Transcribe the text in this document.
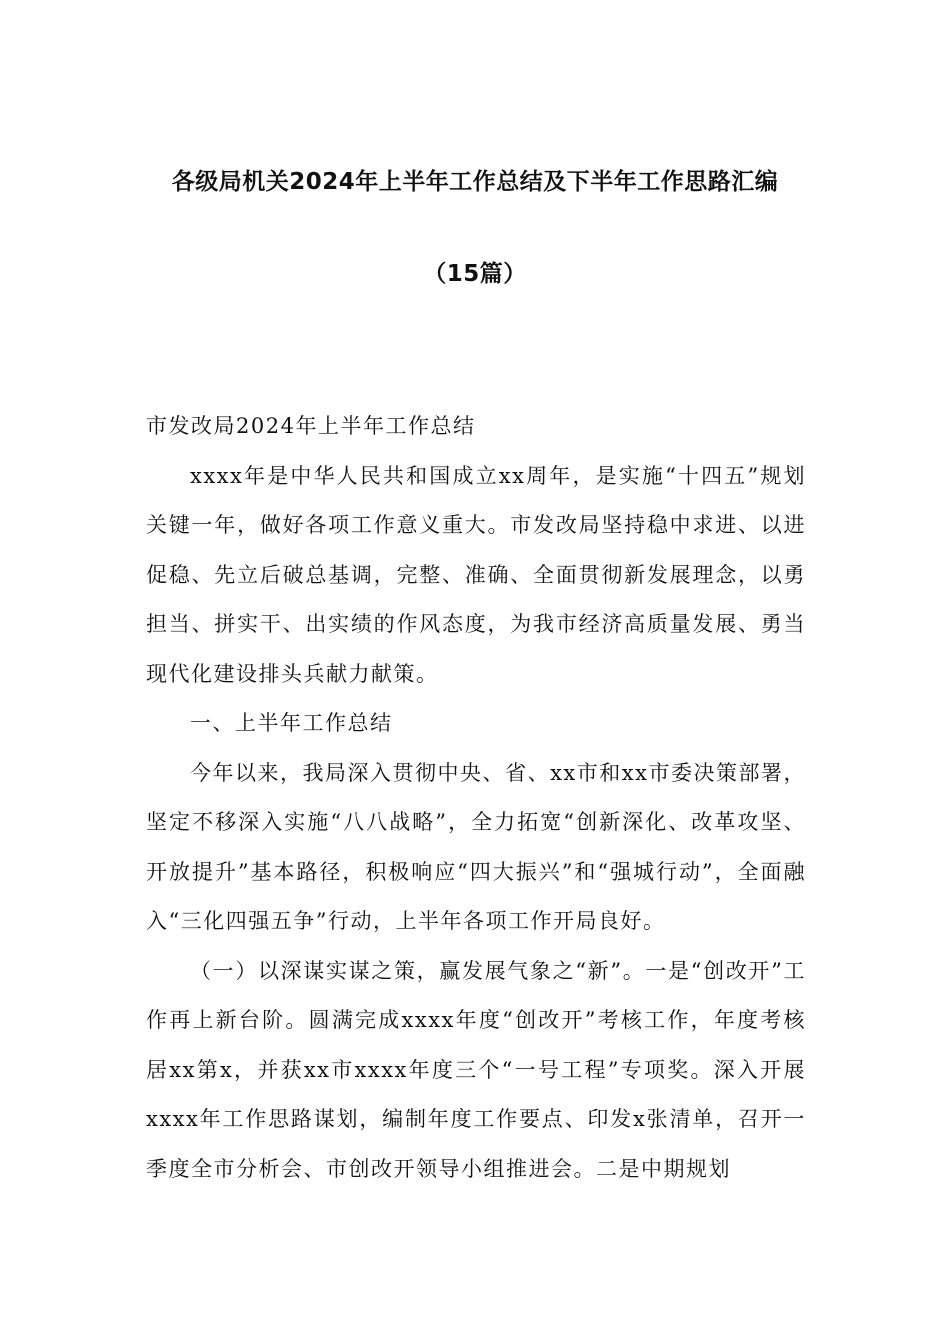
各级局机关2024年上半年工作总结及下半年工作思路汇编
（15篇）

市发改局2024年上半年工作总结

xxxx年是中华人民共和国成立xx周年，是实施“十四五”规划关键一年，做好各项工作意义重大。市发改局坚持稳中求进、以进促稳、先立后破总基调，完整、准确、全面贯彻新发展理念，以勇担当、拼实干、出实绩的作风态度，为我市经济高质量发展、勇当现代化建设排头兵献力献策。

一、上半年工作总结

今年以来，我局深入贯彻中央、省、xx市和xx市委决策部署，坚定不移深入实施“八八战略”，全力拓宽“创新深化、改革攻坚、开放提升”基本路径，积极响应“四大振兴”和“强城行动”，全面融入“三化四强五争”行动，上半年各项工作开局良好。

（一）以深谋实谋之策，赢发展气象之“新”。一是“创改开”工作再上新台阶。圆满完成xxxx年度“创改开”考核工作，年度考核居xx第x，并获xx市xxxx年度三个“一号工程”专项奖。深入开展xxxx年工作思路谋划，编制年度工作要点、印发x张清单，召开一季度全市分析会、市创改开领导小组推进会。二是中期规划
